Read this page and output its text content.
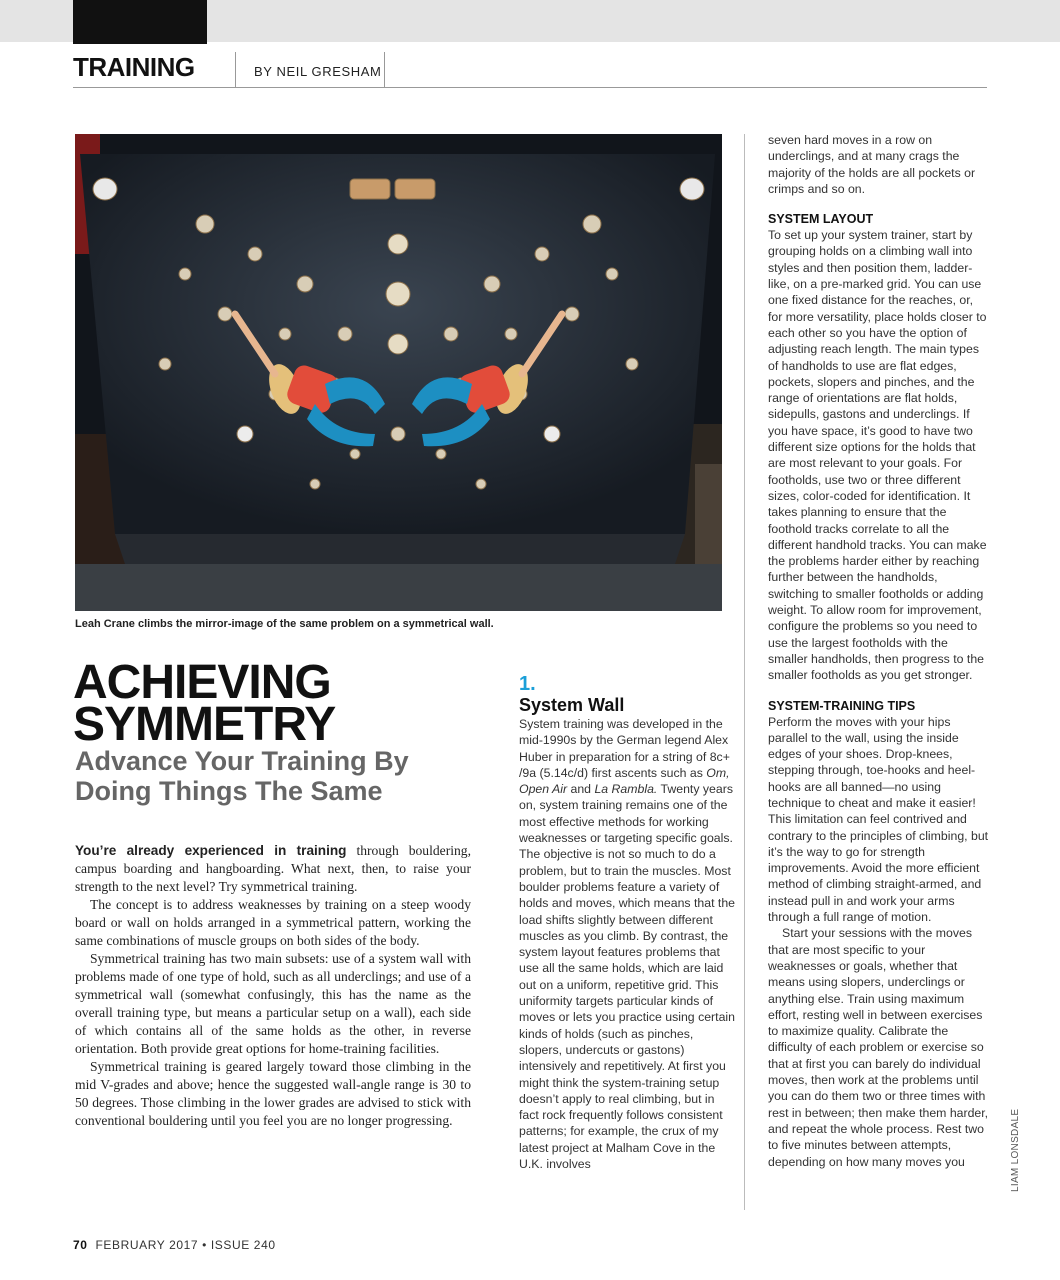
TRAINING	BY NEIL GRESHAM
Leah Crane climbs the mirror-image of the same problem on a symmetrical wall.
ACHIEVING
SYMMETRY
Advance Your Training By
Doing Things The Same

You’re already experienced in training through bouldering, campus boarding and hangboarding. What next, then, to raise your strength to the next level? Try symmetrical training.

The concept is to address weaknesses by training on a steep woody board or wall on holds arranged in a symmetrical pattern, working the same combinations of muscle groups on both sides of the body.

Symmetrical training has two main subsets: use of a system wall with problems made of one type of hold, such as all underclings; and use of a symmetrical wall (somewhat confusingly, this has the name as the overall training type, but means a particular setup on a wall), each side of which contains all of the same holds as the other, in reverse orientation. Both provide great options for home-training facilities.

Symmetrical training is geared largely toward those climbing in the mid V-grades and above; hence the suggested wall-angle range is 30 to 50 degrees. Those climbing in the lower grades are advised to stick with conventional bouldering until you feel you are no longer progressing.

1.
System Wall

System training was developed in the mid-1990s by the German legend Alex Huber in preparation for a string of 8c+ /9a (5.14c/d) first ascents such as Om, Open Air and La Rambla. Twenty years on, system training remains one of the most effective methods for working weaknesses or targeting specific goals. The objective is not so much to do a problem, but to train the muscles. Most boulder problems feature a variety of holds and moves, which means that the load shifts slightly between different muscles as you climb. By contrast, the system layout features problems that use all the same holds, which are laid out on a uniform, repetitive grid. This uniformity targets particular kinds of moves or lets you practice using certain kinds of holds (such as pinches, slopers, undercuts or gastons) intensively and repetitively. At first you might think the system-training setup doesn’t apply to real climbing, but in fact rock frequently follows consistent patterns; for example, the crux of my latest project at Malham Cove in the U.K. involves

seven hard moves in a row on underclings, and at many crags the majority of the holds are all pockets or crimps and so on.
SYSTEM LAYOUT
To set up your system trainer, start by grouping holds on a climbing wall into styles and then position them, ladder-like, on a pre-marked grid. You can use one fixed distance for the reaches, or, for more versatility, place holds closer to each other so you have the option of adjusting reach length. The main types of handholds to use are flat edges, pockets, slopers and pinches, and the range of orientations are flat holds, sidepulls, gastons and underclings. If you have space, it’s good to have two different size options for the holds that are most relevant to your goals. For footholds, use two or three different sizes, color-coded for identification. It takes planning to ensure that the foothold tracks correlate to all the different handhold tracks. You can make the problems harder either by reaching further between the handholds, switching to smaller footholds or adding weight. To allow room for improvement, configure the problems so you need to use the largest footholds with the smaller handholds, then progress to the smaller footholds as you get stronger.
SYSTEM-TRAINING TIPS

Perform the moves with your hips parallel to the wall, using the inside edges of your shoes. Drop-knees, stepping through, toe-hooks and heel-hooks are all banned—no using technique to cheat and make it easier! This limitation can feel contrived and contrary to the principles of climbing, but it’s the way to go for strength improvements. Avoid the more efficient method of climbing straight-armed, and instead pull in and work your arms through a full range of motion.

Start your sessions with the moves that are most specific to your weaknesses or goals, whether that means using slopers, underclings or anything else. Train using maximum effort, resting well in between exercises to maximize quality. Calibrate the difficulty of each problem or exercise so that at first you can barely do individual moves, then work at the problems until you can do them two or three times with rest in between; then make them harder, and repeat the whole process. Rest two to five minutes between attempts, depending on how many moves you	LIAM LONSDALE
70 FEBRUARY 2017 • ISSUE 240
